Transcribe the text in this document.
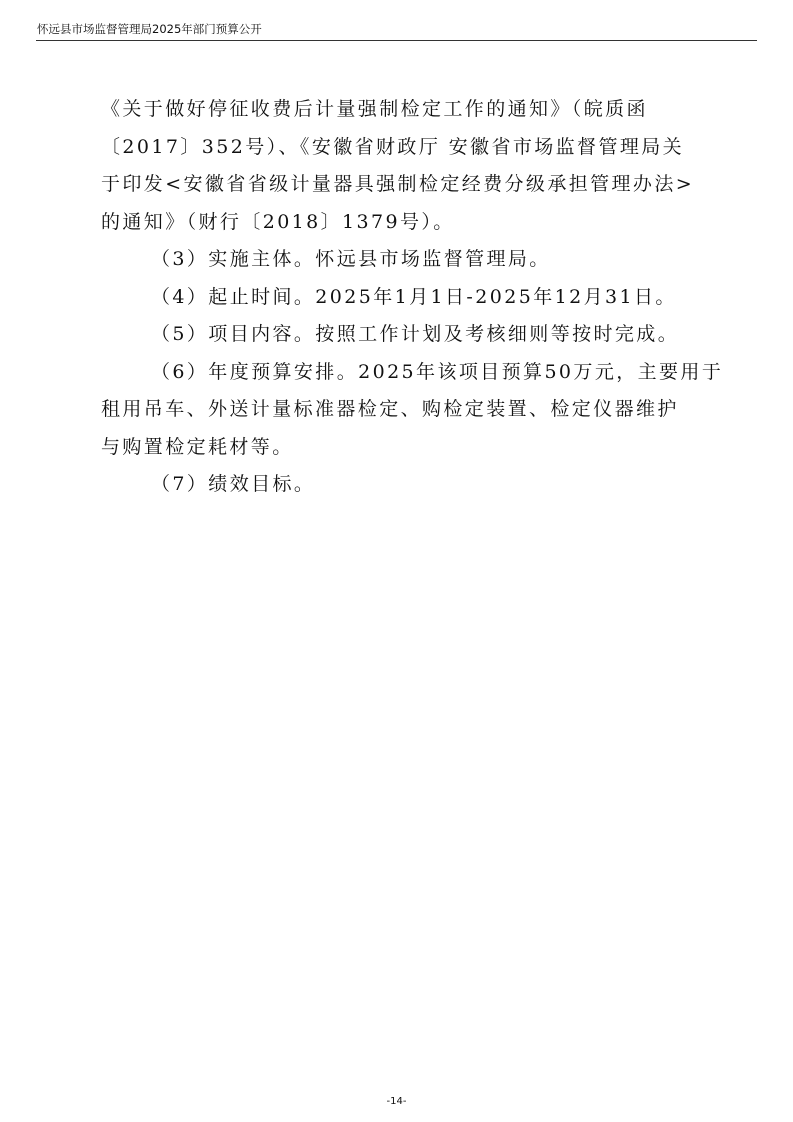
怀远县市场监督管理局2025年部门预算公开

《关于做好停征收费后计量强制检定工作的通知》（皖质函

〔2017〕352号）、《安徽省财政厅 安徽省市场监督管理局关

于印发<安徽省省级计量器具强制检定经费分级承担管理办法>

的通知》（财行〔2018〕1379号）。

（3）实施主体。怀远县市场监督管理局。

（4）起止时间。2025年1月1日-2025年12月31日。

（5）项目内容。按照工作计划及考核细则等按时完成。

（6）年度预算安排。2025年该项目预算50万元，主要用于

租用吊车、外送计量标准器检定、购检定装置、检定仪器维护

与购置检定耗材等。

（7）绩效目标。

-14-
